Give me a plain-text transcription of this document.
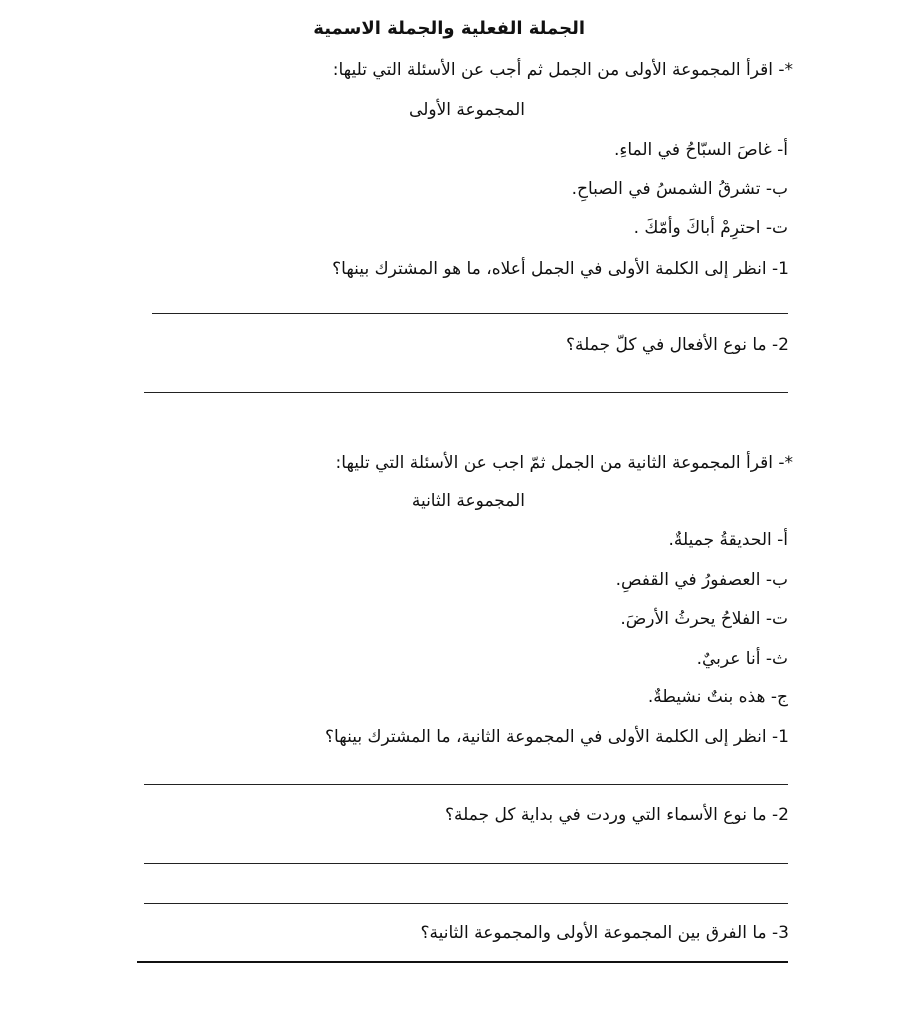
الجملة الفعلية والجملة الاسمية
*- اقرأ المجموعة الأولى من الجمل ثم أجب عن الأسئلة التي تليها:
المجموعة الأولى
أ- غاصَ السبّاحُ في الماءِ.
ب- تشرقُ الشمسُ في الصباحِ.
ت- احترِمْ أباكَ وأمّكَ .
1- انظر إلى الكلمة الأولى في الجمل أعلاه، ما هو المشترك بينها؟
2- ما نوع الأفعال في كلّ جملة؟
*- اقرأ المجموعة الثانية من الجمل ثمّ اجب عن الأسئلة التي تليها:
المجموعة الثانية
أ- الحديقةُ جميلةٌ.
ب- العصفورُ في القفصِ.
ت- الفلاحُ يحرثُ الأرضَ.
ث- أنا عربيٌ.
ج- هذه بنتٌ نشيطةٌ.
1- انظر إلى الكلمة الأولى في المجموعة الثانية، ما المشترك بينها؟
2- ما نوع الأسماء التي وردت في بداية كل جملة؟
3- ما الفرق بين المجموعة الأولى والمجموعة الثانية؟
